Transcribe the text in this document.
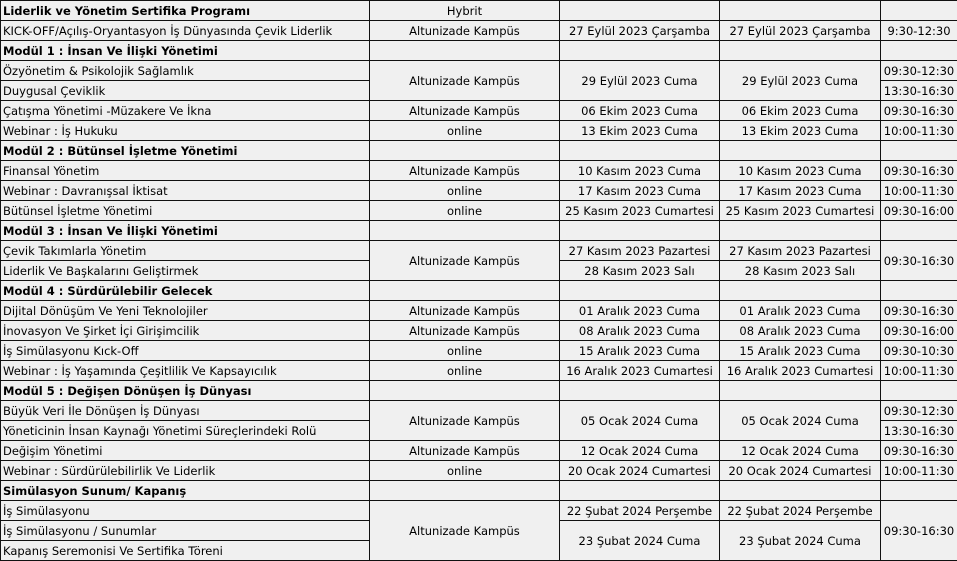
Liderlik ve Yönetim Sertifika Programı	Hybrit			
KICK-OFF/Açılış-Oryantasyon İş Dünyasında Çevik Liderlik	Altunizade Kampüs	27 Eylül 2023 Çarşamba	27 Eylül 2023 Çarşamba	9:30-12:30
Modül 1 : İnsan Ve İlişki Yönetimi				
Özyönetim & Psikolojik Sağlamlık	Altunizade Kampüs	29 Eylül 2023 Cuma	29 Eylül 2023 Cuma	09:30-12:30
Duygusal Çeviklik				13:30-16:30
Çatışma Yönetimi -Müzakere Ve İkna	Altunizade Kampüs	06 Ekim 2023 Cuma	06 Ekim 2023 Cuma	09:30-16:30
Webinar : İş Hukuku	online	13 Ekim 2023 Cuma	13 Ekim 2023 Cuma	10:00-11:30
Modül 2 : Bütünsel İşletme Yönetimi				
Finansal Yönetim	Altunizade Kampüs	10 Kasım 2023 Cuma	10 Kasım 2023 Cuma	09:30-16:30
Webinar : Davranışsal İktisat	online	17 Kasım 2023 Cuma	17 Kasım 2023 Cuma	10:00-11:30
Bütünsel İşletme Yönetimi	online	25 Kasım 2023 Cumartesi	25 Kasım 2023 Cumartesi	09:30-16:00
Modül 3 : İnsan Ve İlişki Yönetimi				
Çevik Takımlarla Yönetim	Altunizade Kampüs	27 Kasım 2023 Pazartesi	27 Kasım 2023 Pazartesi	09:30-16:30
Liderlik Ve Başkalarını Geliştirmek		28 Kasım 2023 Salı	28 Kasım 2023 Salı	
Modül 4 : Sürdürülebilir Gelecek				
Dijital Dönüşüm Ve Yeni Teknolojiler	Altunizade Kampüs	01 Aralık 2023 Cuma	01 Aralık 2023 Cuma	09:30-16:30
İnovasyon Ve Şirket İçi Girişimcilik	Altunizade Kampüs	08 Aralık 2023 Cuma	08 Aralık 2023 Cuma	09:30-16:00
İş Simülasyonu Kıck-Off	online	15 Aralık 2023 Cuma	15 Aralık 2023 Cuma	09:30-10:30
Webinar : İş Yaşamında Çeşitlilik Ve Kapsayıcılık	online	16 Aralık 2023 Cumartesi	16 Aralık 2023 Cumartesi	10:00-11:30
Modül 5 : Değişen Dönüşen İş Dünyası				
Büyük Veri İle Dönüşen İş Dünyası	Altunizade Kampüs	05 Ocak 2024 Cuma	05 Ocak 2024 Cuma	09:30-12:30
Yöneticinin İnsan Kaynağı Yönetimi Süreçlerindeki Rolü				13:30-16:30
Değişim Yönetimi	Altunizade Kampüs	12 Ocak 2024 Cuma	12 Ocak 2024 Cuma	09:30-16:30
Webinar : Sürdürülebilirlik Ve Liderlik	online	20 Ocak 2024 Cumartesi	20 Ocak 2024 Cumartesi	10:00-11:30
Simülasyon Sunum/ Kapanış				
İş Simülasyonu	Altunizade Kampüs	22 Şubat 2024 Perşembe	22 Şubat 2024 Perşembe	09:30-16:30
İş Simülasyonu / Sunumlar		23 Şubat 2024 Cuma	23 Şubat 2024 Cuma	
Kapanış Seremonisi Ve Sertifika Töreni				
